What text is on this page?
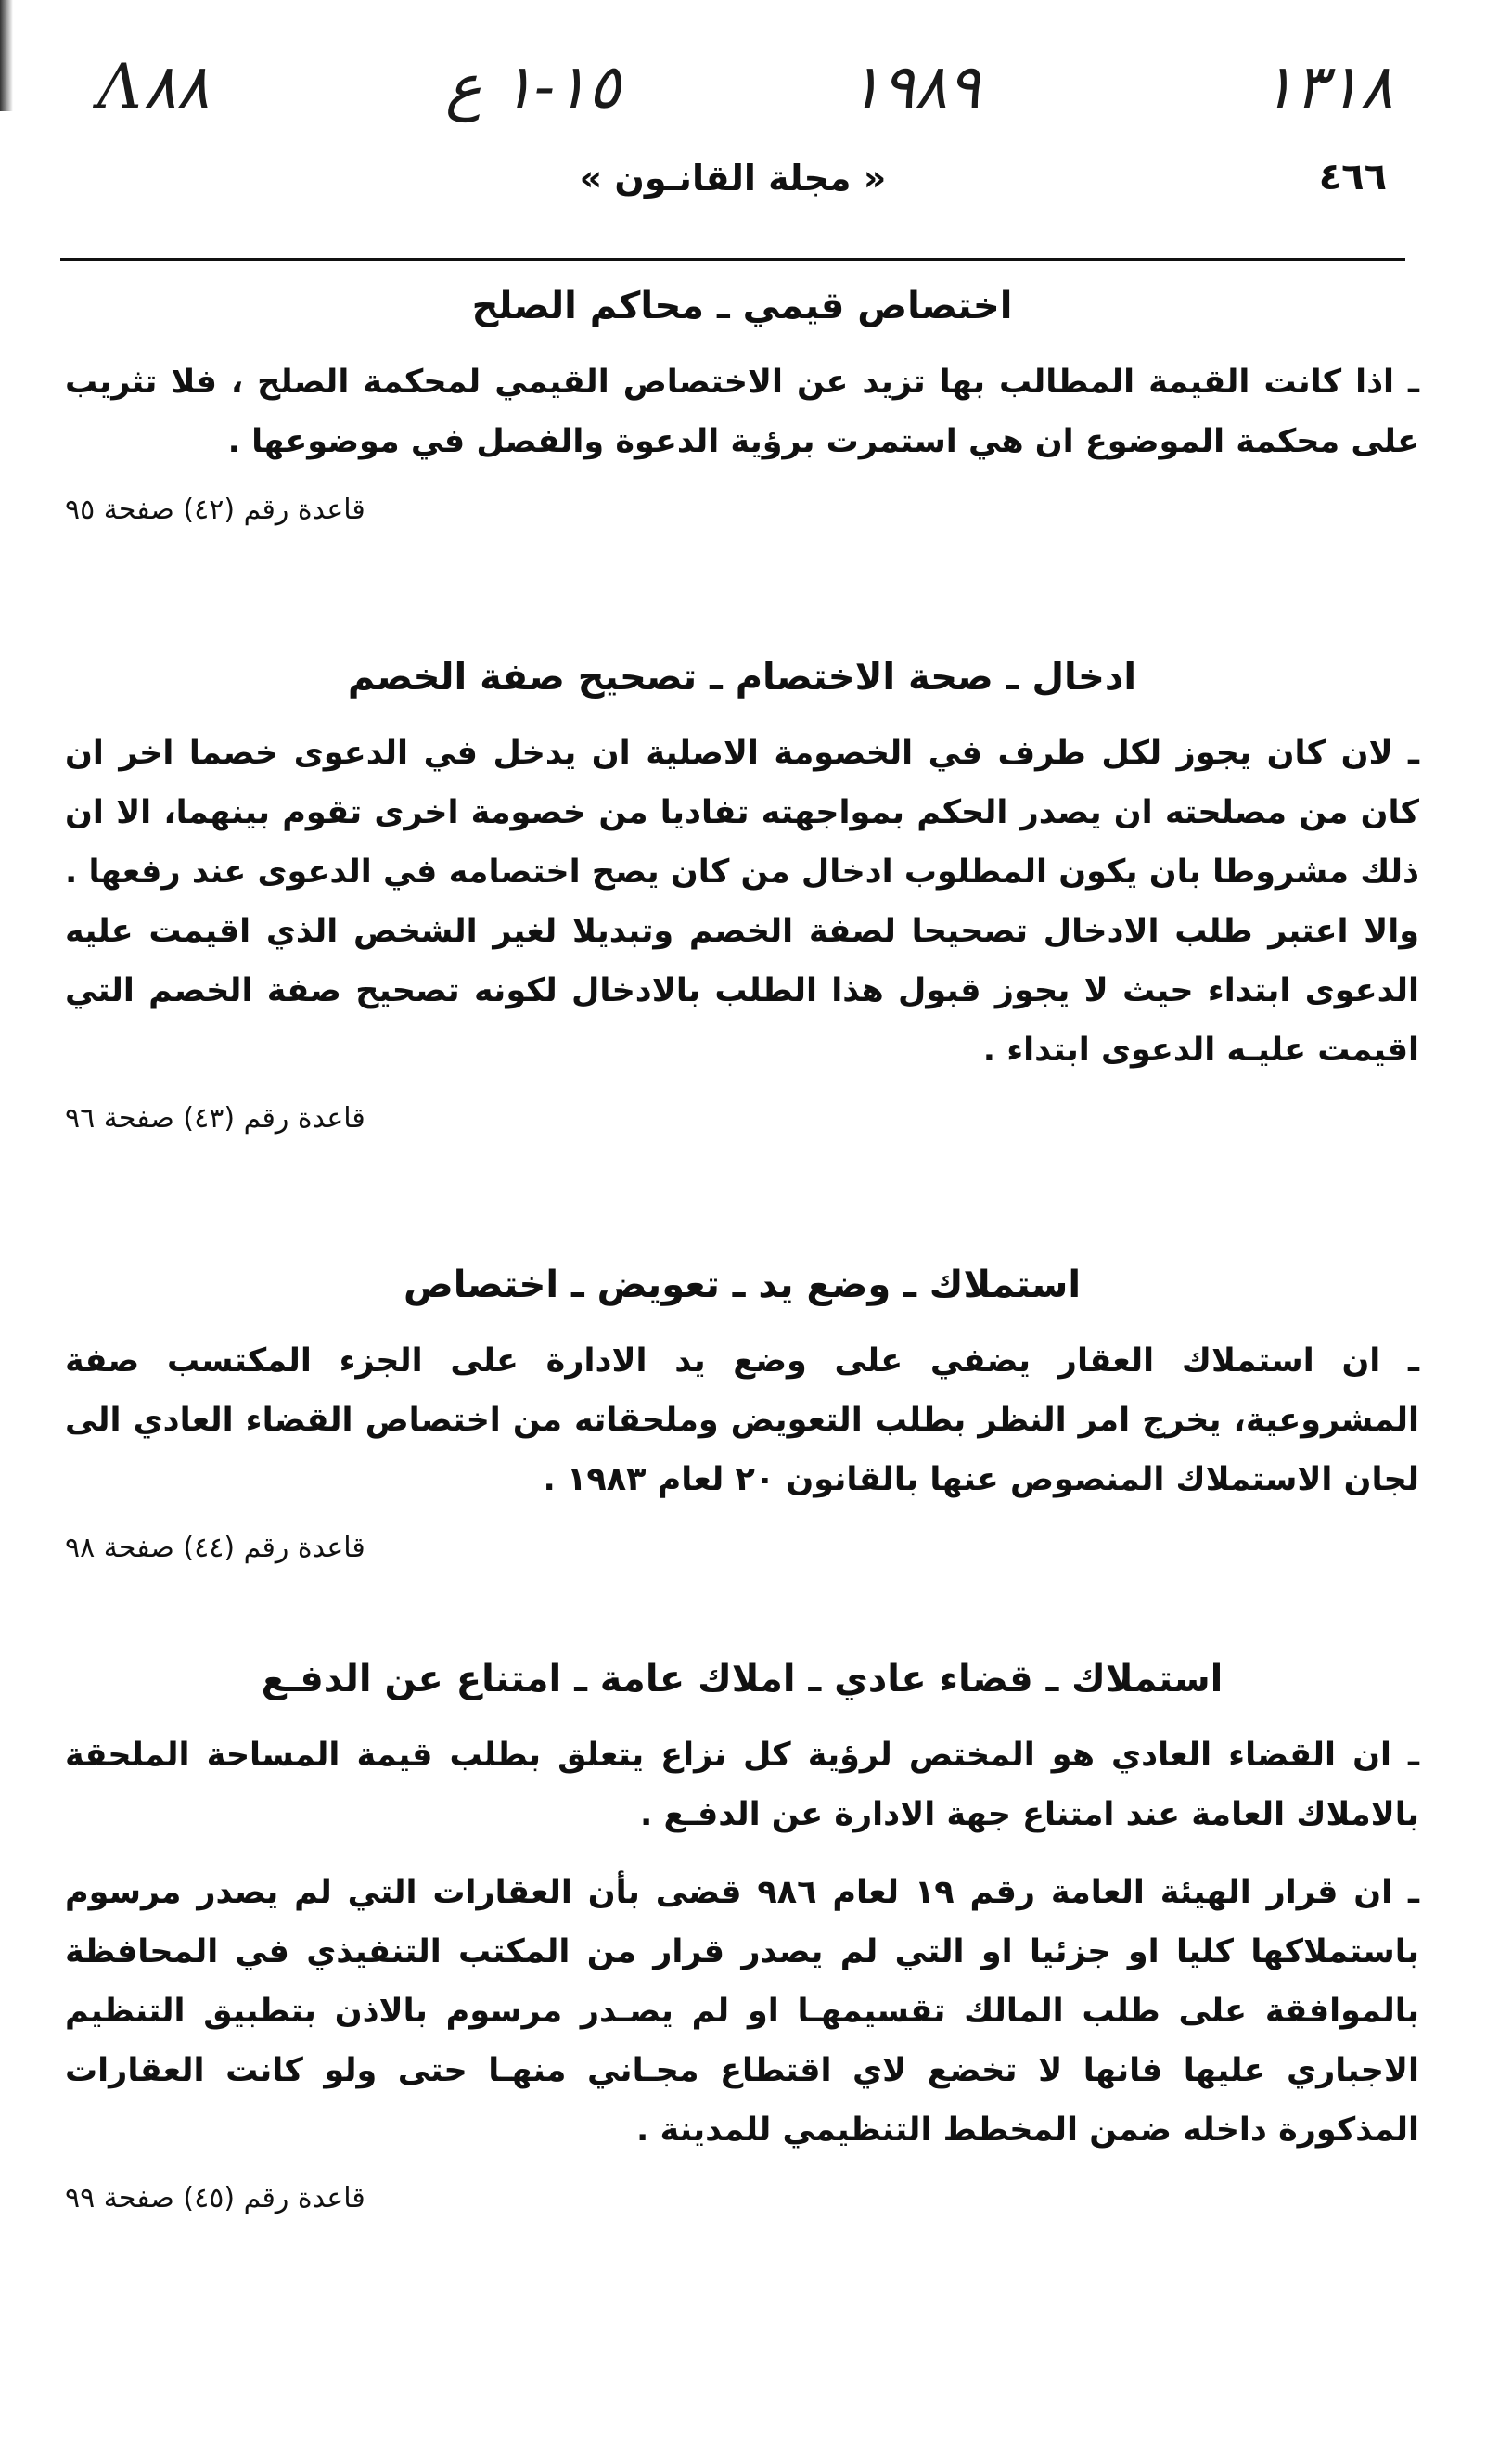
Λ٨٨	١٥-١ ع	١٩٨٩	١٣١٨
٤٦٦
« مجلة القانـون »
اختصاص قيمي ـ محاكم الصلح

ـ اذا كانت القيمة المطالب بها تزيد عن الاختصاص القيمي لمحكمة الصلح ، فلا تثريب على محكمة الموضوع ان هي استمرت برؤية الدعوة والفصل في موضوعها .

قاعدة رقم (٤٢) صفحة ٩٥

ادخال ـ صحة الاختصام ـ تصحيح صفة الخصم

ـ لان كان يجوز لكل طرف في الخصومة الاصلية ان يدخل في الدعوى خصما اخر ان كان من مصلحته ان يصدر الحكم بمواجهته تفاديا من خصومة اخرى تقوم بينهما، الا ان ذلك مشروطا بان يكون المطلوب ادخال من كان يصح اختصامه في الدعوى عند رفعها . والا اعتبر طلب الادخال تصحيحا لصفة الخصم وتبديلا لغير الشخص الذي اقيمت عليه الدعوى ابتداء حيث لا يجوز قبول هذا الطلب بالادخال لكونه تصحيح صفة الخصم التي اقيمت عليـه الدعوى ابتداء .

قاعدة رقم (٤٣) صفحة ٩٦

استملاك ـ وضع يد ـ تعويض ـ اختصاص

ـ ان استملاك العقار يضفي على وضع يد الادارة على الجزء المكتسب صفة المشروعية، يخرج امر النظر بطلب التعويض وملحقاته من اختصاص القضاء العادي الى لجان الاستملاك المنصوص عنها بالقانون ٢٠ لعام ١٩٨٣ .

قاعدة رقم (٤٤) صفحة ٩٨

استملاك ـ قضاء عادي ـ املاك عامة ـ امتناع عن الدفـع

ـ ان القضاء العادي هو المختص لرؤية كل نزاع يتعلق بطلب قيمة المساحة الملحقة بالاملاك العامة عند امتناع جهة الادارة عن الدفـع .

ـ ان قرار الهيئة العامة رقم ١٩ لعام ٩٨٦ قضى بأن العقارات التي لم يصدر مرسوم باستملاكها كليا او جزئيا او التي لم يصدر قرار من المكتب التنفيذي في المحافظة بالموافقة على طلب المالك تقسيمهـا او لم يصـدر مرسوم بالاذن بتطبيق التنظيم الاجباري عليها فانها لا تخضع لاي اقتطاع مجـاني منهـا حتى ولو كانت العقارات المذكورة داخله ضمن المخطط التنظيمي للمدينة .

قاعدة رقم (٤٥) صفحة ٩٩
